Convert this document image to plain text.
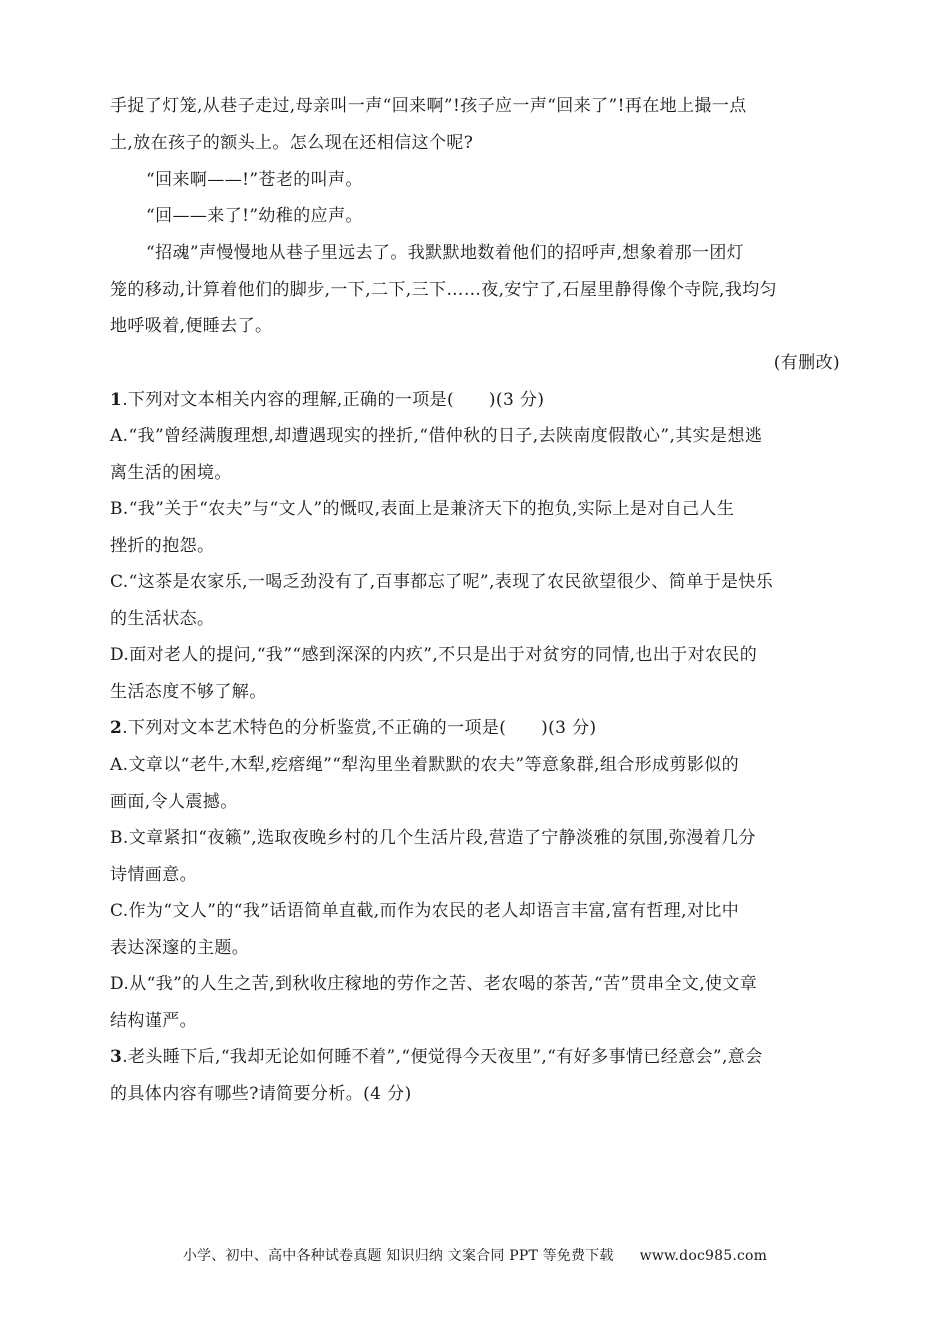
手捉了灯笼,从巷子走过,母亲叫一声“回来啊”!孩子应一声“回来了”!再在地上撮一点
土,放在孩子的额头上。怎么现在还相信这个呢?
“回来啊——!”苍老的叫声。
“回——来了!”幼稚的应声。
“招魂”声慢慢地从巷子里远去了。我默默地数着他们的招呼声,想象着那一团灯
笼的移动,计算着他们的脚步,一下,二下,三下……夜,安宁了,石屋里静得像个寺院,我均匀
地呼吸着,便睡去了。
(有删改)
1.下列对文本相关内容的理解,正确的一项是(　　)(3 分)
A.“我”曾经满腹理想,却遭遇现实的挫折,“借仲秋的日子,去陕南度假散心”,其实是想逃
离生活的困境。
B.“我”关于“农夫”与“文人”的慨叹,表面上是兼济天下的抱负,实际上是对自己人生
挫折的抱怨。
C.“这茶是农家乐,一喝乏劲没有了,百事都忘了呢”,表现了农民欲望很少、简单于是快乐
的生活状态。
D.面对老人的提问,“我”“感到深深的内疚”,不只是出于对贫穷的同情,也出于对农民的
生活态度不够了解。
2.下列对文本艺术特色的分析鉴赏,不正确的一项是(　　)(3 分)
A.文章以“老牛,木犁,疙瘩绳”“犁沟里坐着默默的农夫”等意象群,组合形成剪影似的
画面,令人震撼。
B.文章紧扣“夜籁”,选取夜晚乡村的几个生活片段,营造了宁静淡雅的氛围,弥漫着几分
诗情画意。
C.作为“文人”的“我”话语简单直截,而作为农民的老人却语言丰富,富有哲理,对比中
表达深邃的主题。
D.从“我”的人生之苦,到秋收庄稼地的劳作之苦、老农喝的茶苦,“苦”贯串全文,使文章
结构谨严。
3.老头睡下后,“我却无论如何睡不着”,“便觉得今天夜里”,“有好多事情已经意会”,意会
的具体内容有哪些?请简要分析。(4 分)
小学、初中、高中各种试卷真题 知识归纳 文案合同 PPT 等免费下载 www.doc985.com
